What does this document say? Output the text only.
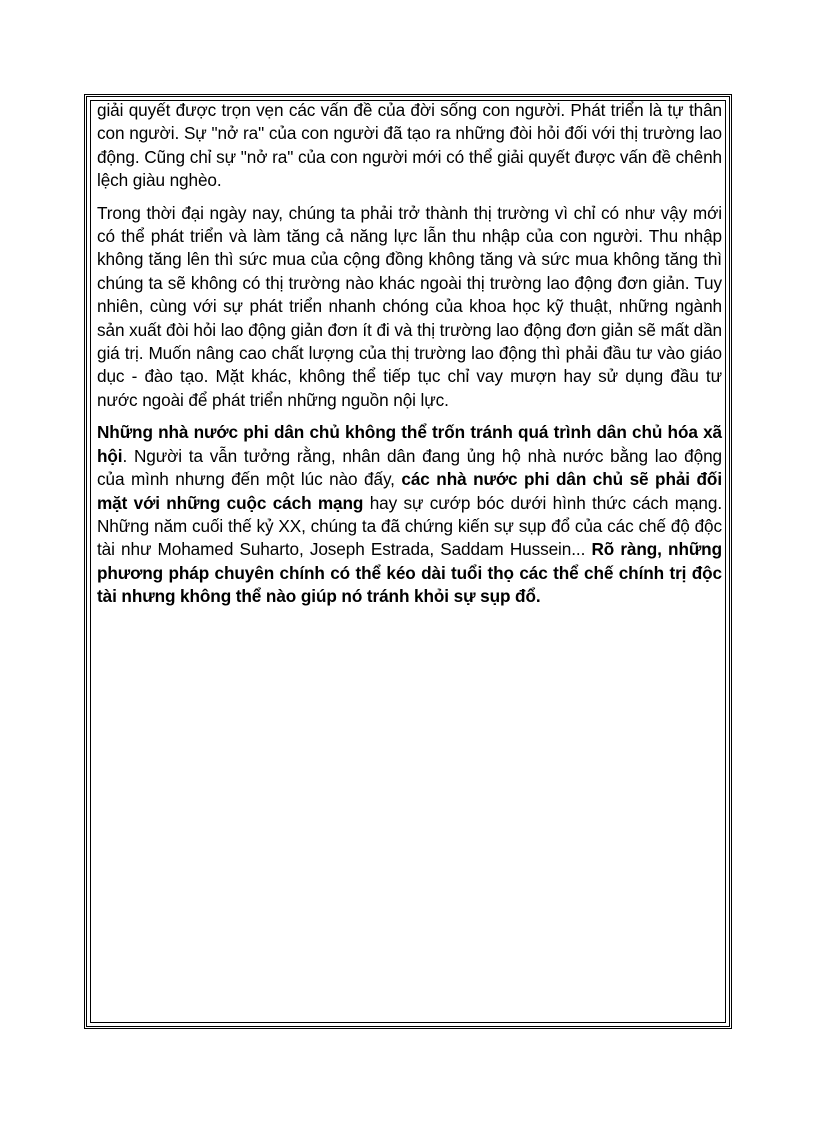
giải quyết được trọn vẹn các vấn đề của đời sống con người. Phát triển là tự thân con người. Sự "nở ra" của con người đã tạo ra những đòi hỏi đối với thị trường lao động. Cũng chỉ sự "nở ra" của con người mới có thể giải quyết được vấn đề chênh lệch giàu nghèo.

Trong thời đại ngày nay, chúng ta phải trở thành thị trường vì chỉ có như vậy mới có thể phát triển và làm tăng cả năng lực lẫn thu nhập của con người. Thu nhập không tăng lên thì sức mua của cộng đồng không tăng và sức mua không tăng thì chúng ta sẽ không có thị trường nào khác ngoài thị trường lao động đơn giản. Tuy nhiên, cùng với sự phát triển nhanh chóng của khoa học kỹ thuật, những ngành sản xuất đòi hỏi lao động giản đơn ít đi và thị trường lao động đơn giản sẽ mất dần giá trị. Muốn nâng cao chất lượng của thị trường lao động thì phải đầu tư vào giáo dục - đào tạo. Mặt khác, không thể tiếp tục chỉ vay mượn hay sử dụng đầu tư nước ngoài để phát triển những nguồn nội lực.

Những nhà nước phi dân chủ không thể trốn tránh quá trình dân chủ hóa xã hội. Người ta vẫn tưởng rằng, nhân dân đang ủng hộ nhà nước bằng lao động của mình nhưng đến một lúc nào đấy, các nhà nước phi dân chủ sẽ phải đối mặt với những cuộc cách mạng hay sự cướp bóc dưới hình thức cách mạng. Những năm cuối thế kỷ XX, chúng ta đã chứng kiến sự sụp đổ của các chế độ độc tài như Mohamed Suharto, Joseph Estrada, Saddam Hussein... Rõ ràng, những phương pháp chuyên chính có thể kéo dài tuổi thọ các thể chế chính trị độc tài nhưng không thể nào giúp nó tránh khỏi sự sụp đổ.
